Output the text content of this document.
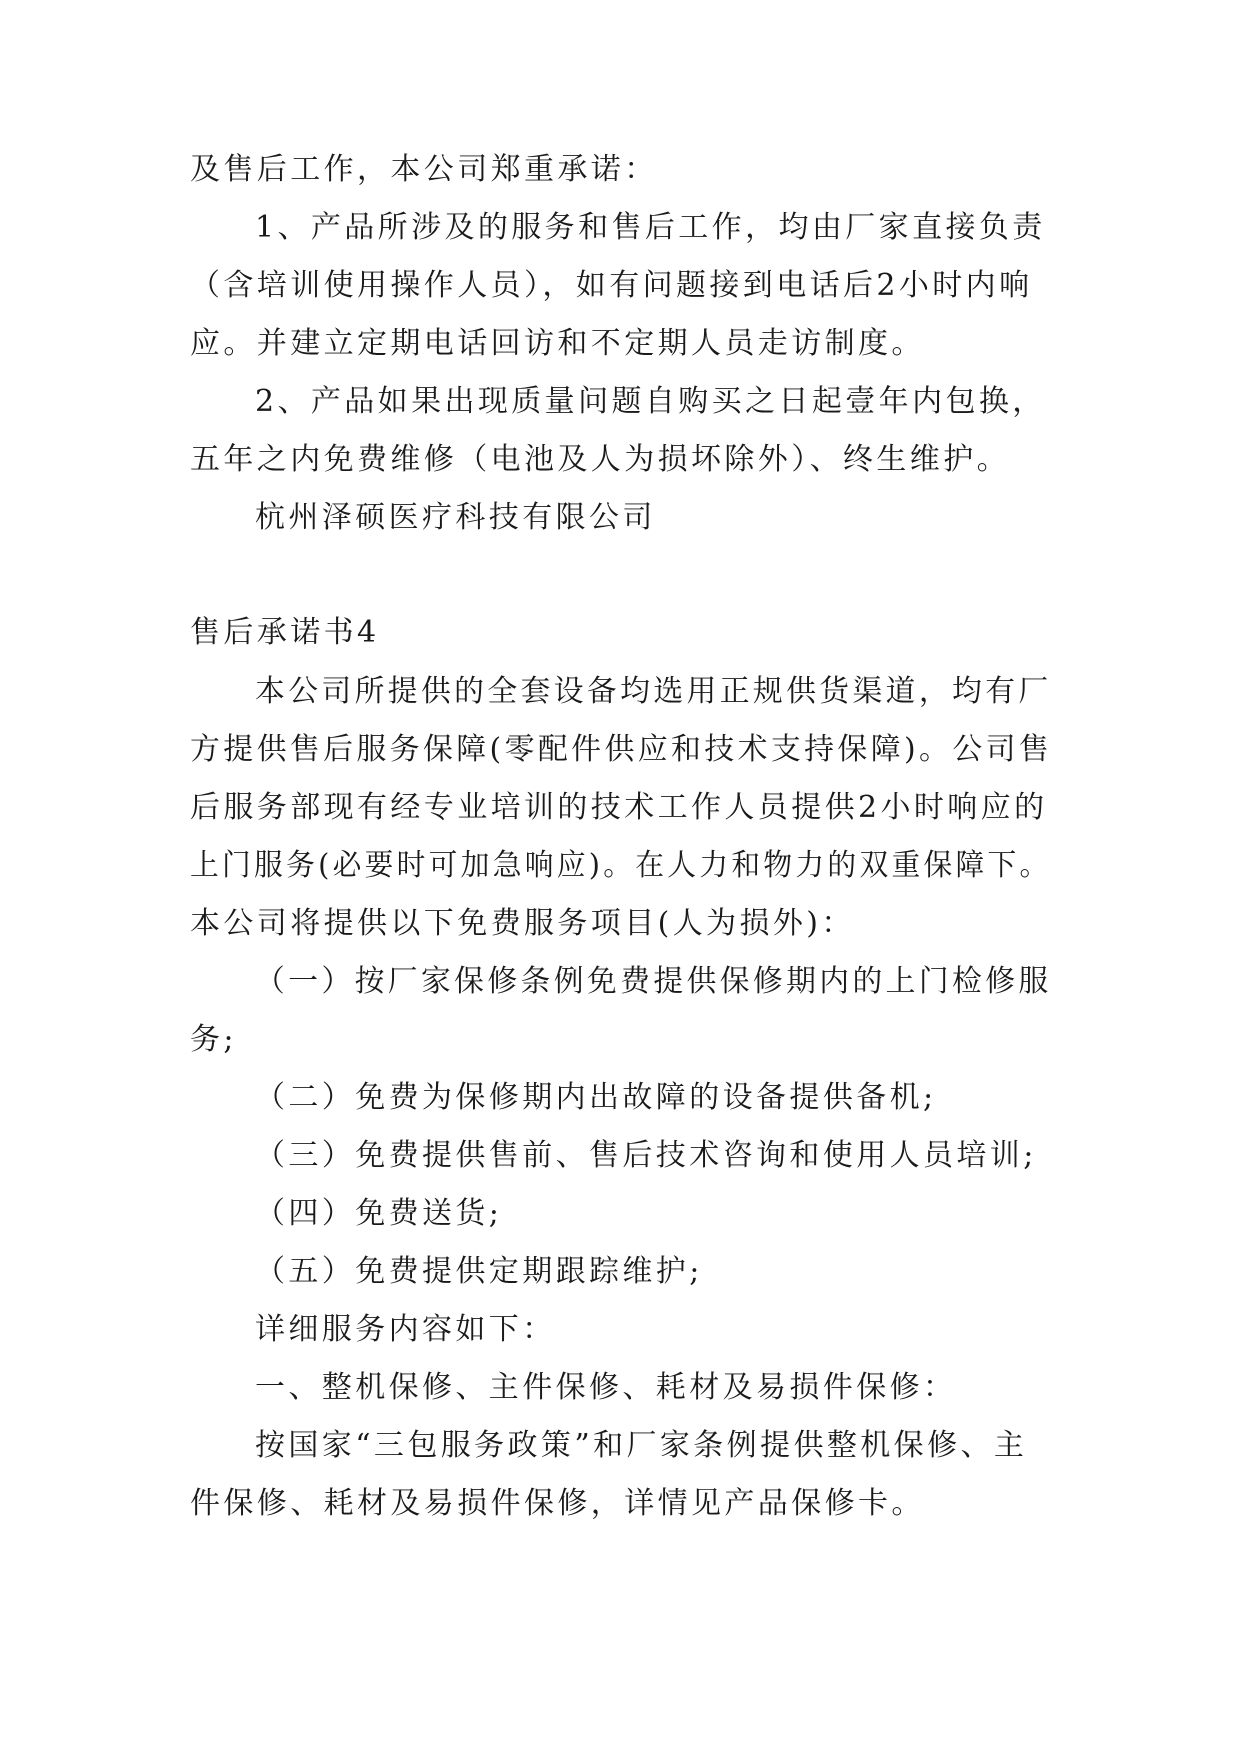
及售后工作，本公司郑重承诺：

1、产品所涉及的服务和售后工作，均由厂家直接负责

（含培训使用操作人员），如有问题接到电话后2小时内响

应。并建立定期电话回访和不定期人员走访制度。

2、产品如果出现质量问题自购买之日起壹年内包换，

五年之内免费维修（电池及人为损坏除外）、终生维护。

杭州泽硕医疗科技有限公司

售后承诺书4

本公司所提供的全套设备均选用正规供货渠道，均有厂

方提供售后服务保障(零配件供应和技术支持保障)。公司售

后服务部现有经专业培训的技术工作人员提供2小时响应的

上门服务(必要时可加急响应)。在人力和物力的双重保障下。

本公司将提供以下免费服务项目(人为损外)：

（一）按厂家保修条例免费提供保修期内的上门检修服

务;

（二）免费为保修期内出故障的设备提供备机;

（三）免费提供售前、售后技术咨询和使用人员培训;

（四）免费送货;

（五）免费提供定期跟踪维护;

详细服务内容如下：

一、整机保修、主件保修、耗材及易损件保修：

按国家“三包服务政策”和厂家条例提供整机保修、主

件保修、耗材及易损件保修，详情见产品保修卡。
